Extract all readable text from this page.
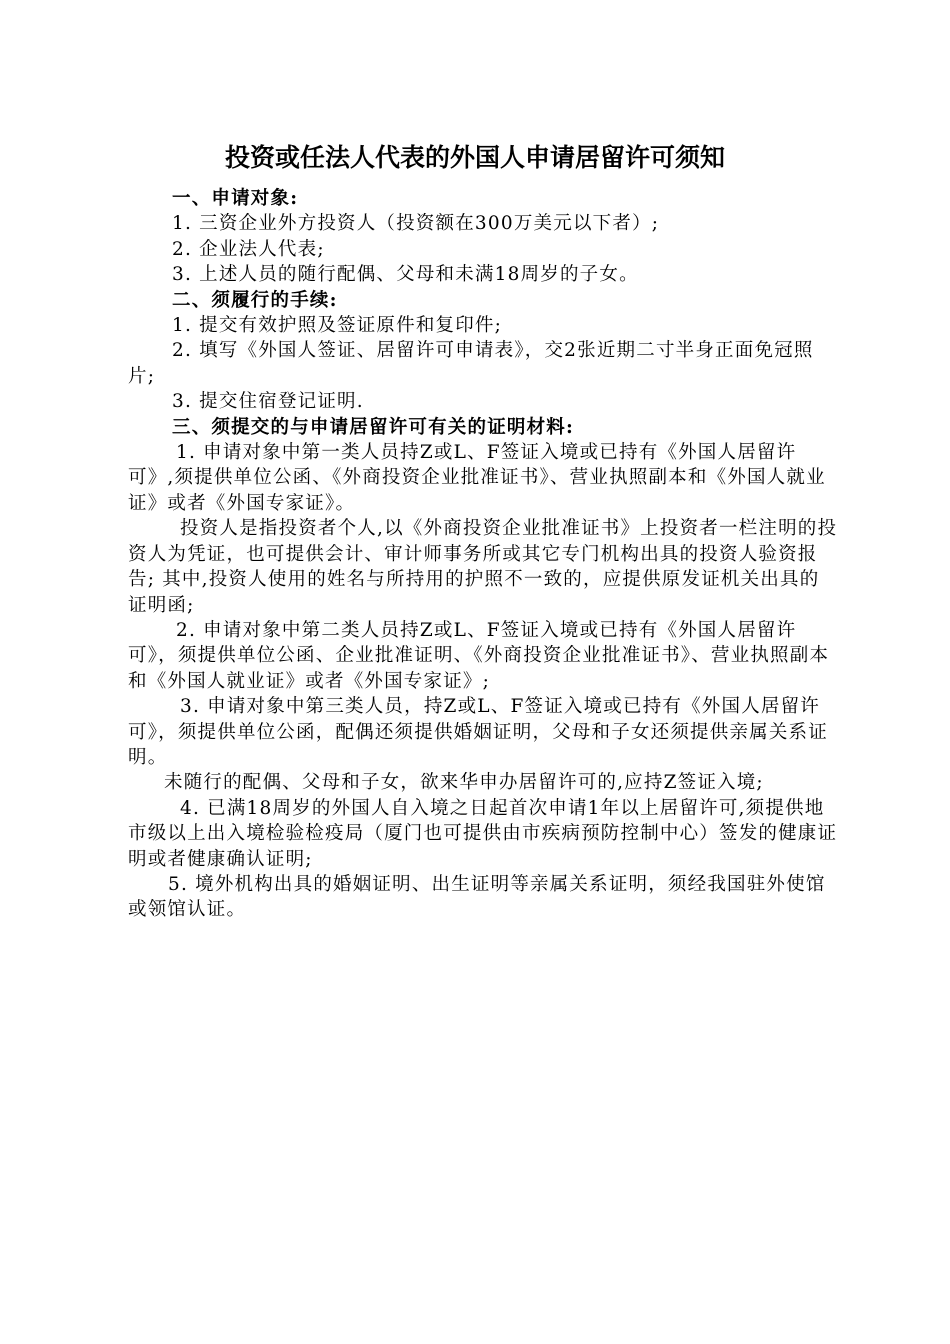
投资或任法人代表的外国人申请居留许可须知

一、申请对象:

1. 三资企业外方投资人（投资额在300万美元以下者）;

2. 企业法人代表;

3. 上述人员的随行配偶、父母和未满18周岁的子女。

二、须履行的手续:

1. 提交有效护照及签证原件和复印件;

2. 填写《外国人签证、居留许可申请表》，交2张近期二寸半身正面免冠照片;

3. 提交住宿登记证明.

三、须提交的与申请居留许可有关的证明材料:

1. 申请对象中第一类人员持Z或L、F签证入境或已持有《外国人居留许可》,须提供单位公函、《外商投资企业批准证书》、营业执照副本和《外国人就业证》或者《外国专家证》。

投资人是指投资者个人,以《外商投资企业批准证书》上投资者一栏注明的投资人为凭证，也可提供会计、审计师事务所或其它专门机构出具的投资人验资报告; 其中,投资人使用的姓名与所持用的护照不一致的，应提供原发证机关出具的证明函;

2. 申请对象中第二类人员持Z或L、F签证入境或已持有《外国人居留许可》，须提供单位公函、企业批准证明、《外商投资企业批准证书》、营业执照副本和《外国人就业证》或者《外国专家证》;

3. 申请对象中第三类人员，持Z或L、F签证入境或已持有《外国人居留许可》，须提供单位公函，配偶还须提供婚姻证明，父母和子女还须提供亲属关系证明。

未随行的配偶、父母和子女，欲来华申办居留许可的,应持Z签证入境;

4. 已满18周岁的外国人自入境之日起首次申请1年以上居留许可,须提供地市级以上出入境检验检疫局（厦门也可提供由市疾病预防控制中心）签发的健康证明或者健康确认证明;

5. 境外机构出具的婚姻证明、出生证明等亲属关系证明，须经我国驻外使馆或领馆认证。
